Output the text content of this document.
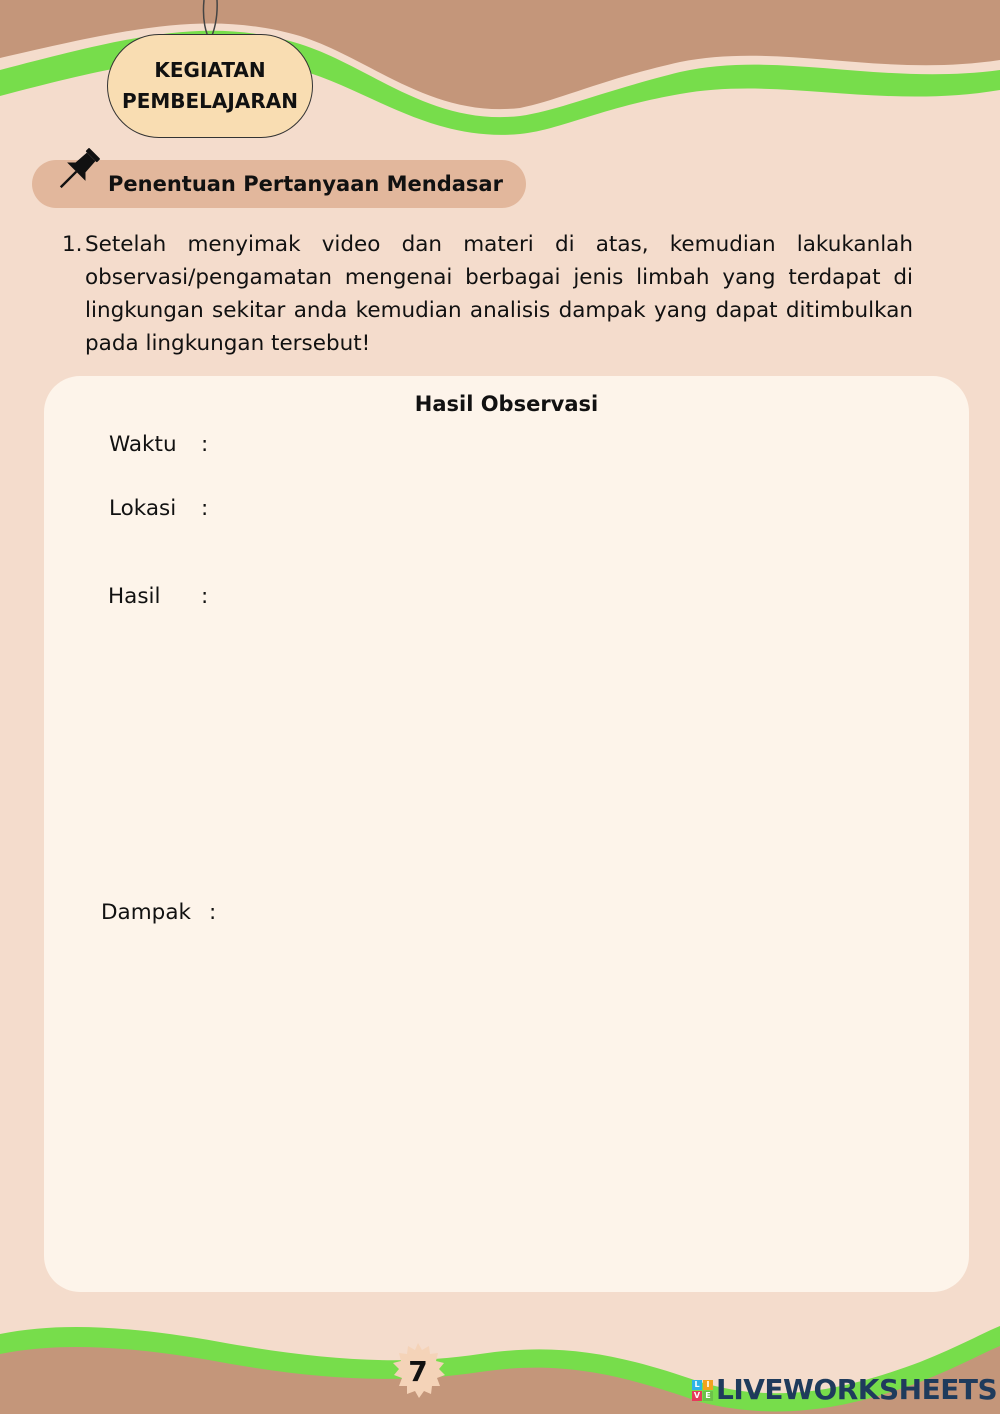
KEGIATAN
PEMBELAJARAN
Penentuan Pertanyaan Mendasar
1. Setelah menyimak video dan materi di atas, kemudian lakukanlah observasi/pengamatan mengenai berbagai jenis limbah yang terdapat di lingkungan sekitar anda kemudian analisis dampak yang dapat ditimbulkan pada lingkungan tersebut!
Hasil Observasi
Waktu :
Lokasi :
Hasil :
Dampak :
7	L I
V E LIVEWORKSHEETS
